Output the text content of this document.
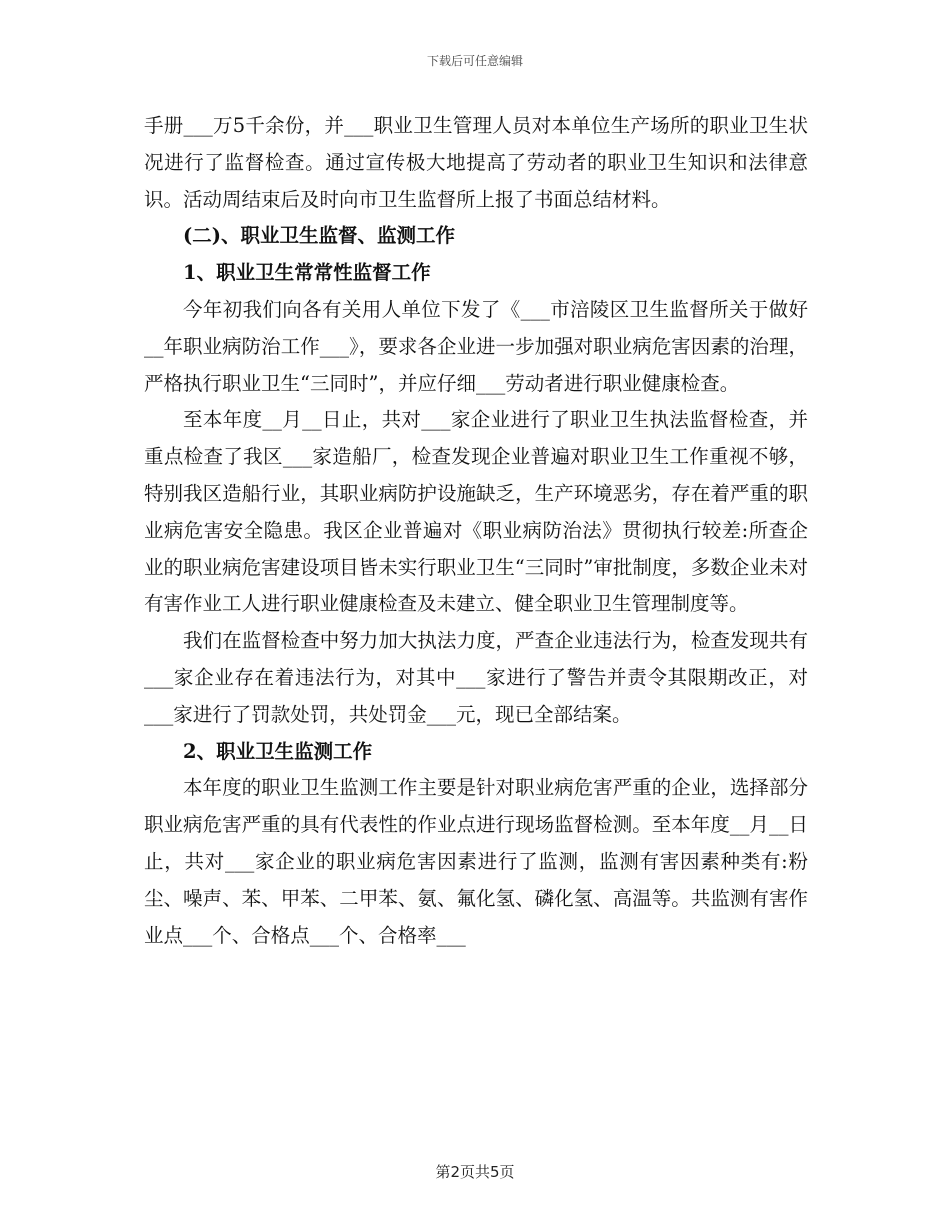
下载后可任意编辑

手册___万5千余份，并___职业卫生管理人员对本单位生产场所的职业卫生状况进行了监督检查。通过宣传极大地提高了劳动者的职业卫生知识和法律意识。活动周结束后及时向市卫生监督所上报了书面总结材料。

(二)、职业卫生监督、监测工作

1、职业卫生常常性监督工作

今年初我们向各有关用人单位下发了《___市涪陵区卫生监督所关于做好__年职业病防治工作___》，要求各企业进一步加强对职业病危害因素的治理，严格执行职业卫生“三同时”，并应仔细___劳动者进行职业健康检查。

至本年度__月__日止，共对___家企业进行了职业卫生执法监督检查，并重点检查了我区___家造船厂，检查发现企业普遍对职业卫生工作重视不够，特别我区造船行业，其职业病防护设施缺乏，生产环境恶劣，存在着严重的职业病危害安全隐患。我区企业普遍对《职业病防治法》贯彻执行较差:所查企业的职业病危害建设项目皆未实行职业卫生“三同时”审批制度，多数企业未对有害作业工人进行职业健康检查及未建立、健全职业卫生管理制度等。

我们在监督检查中努力加大执法力度，严查企业违法行为，检查发现共有___家企业存在着违法行为，对其中___家进行了警告并责令其限期改正，对___家进行了罚款处罚，共处罚金___元，现已全部结案。

2、职业卫生监测工作

本年度的职业卫生监测工作主要是针对职业病危害严重的企业，选择部分职业病危害严重的具有代表性的作业点进行现场监督检测。至本年度__月__日止，共对___家企业的职业病危害因素进行了监测，监测有害因素种类有:粉尘、噪声、苯、甲苯、二甲苯、氨、氟化氢、磷化氢、高温等。共监测有害作业点___个、合格点___个、合格率___

第2页共5页
